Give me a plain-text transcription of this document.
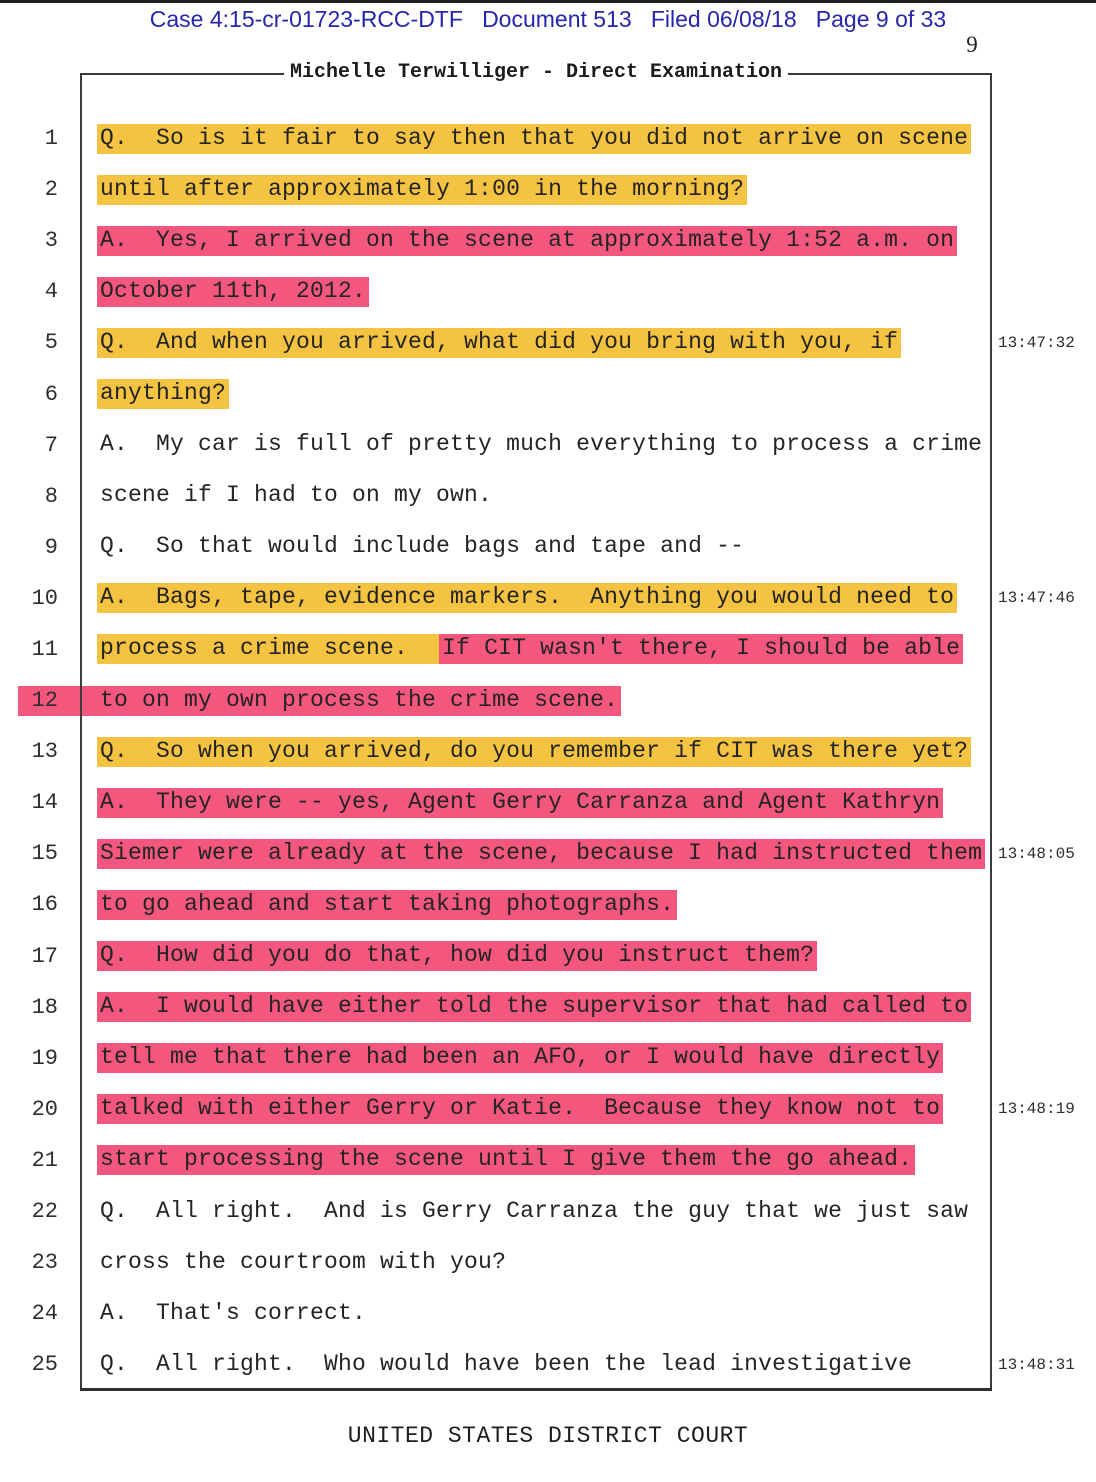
Case 4:15-cr-01723-RCC-DTF   Document 513   Filed 06/08/18   Page 9 of 33
9
Michelle Terwilliger - Direct Examination
1 Q.  So is it fair to say then that you did not arrive on scene
2 until after approximately 1:00 in the morning?
3 A.  Yes, I arrived on the scene at approximately 1:52 a.m. on
4 October 11th, 2012.
5 Q.  And when you arrived, what did you bring with you, if	13:47:32
6 anything?
7 A.  My car is full of pretty much everything to process a crime
8 scene if I had to on my own.
9 Q.  So that would include bags and tape and --
10 A.  Bags, tape, evidence markers.  Anything you would need to	13:47:46
11 process a crime scene.  If CIT wasn't there, I should be able
12 to on my own process the crime scene.
13 Q.  So when you arrived, do you remember if CIT was there yet?
14 A.  They were -- yes, Agent Gerry Carranza and Agent Kathryn
15 Siemer were already at the scene, because I had instructed them 13:48:05
16 to go ahead and start taking photographs.
17 Q.  How did you do that, how did you instruct them?
18 A.  I would have either told the supervisor that had called to
19 tell me that there had been an AFO, or I would have directly
20 talked with either Gerry or Katie.  Because they know not to	13:48:19
21 start processing the scene until I give them the go ahead.
22 Q.  All right.  And is Gerry Carranza the guy that we just saw
23 cross the courtroom with you?
24 A.  That's correct.
25 Q.  All right.  Who would have been the lead investigative	13:48:31
UNITED STATES DISTRICT COURT
